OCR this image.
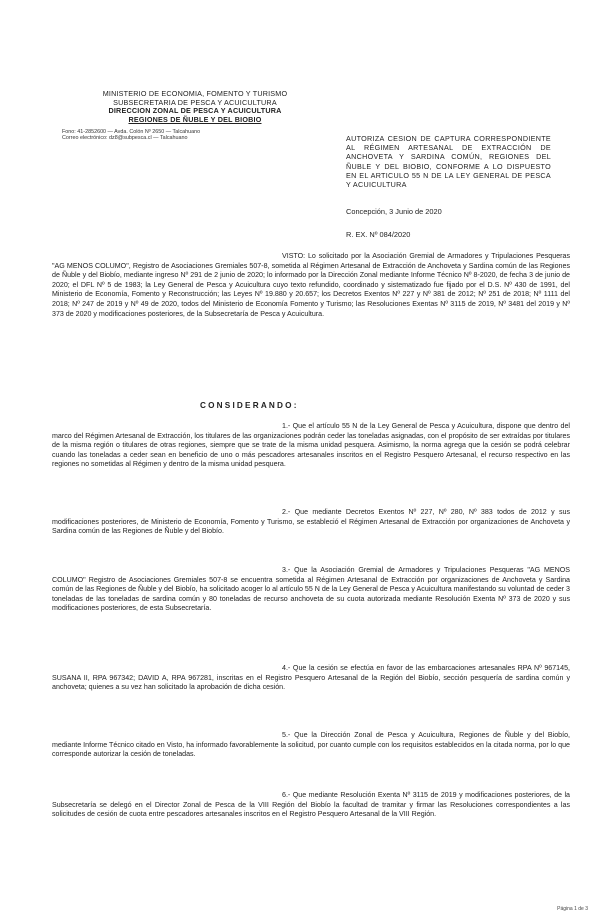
MINISTERIO DE ECONOMIA, FOMENTO Y TURISMO
SUBSECRETARIA DE PESCA Y ACUICULTURA
DIRECCION ZONAL DE PESCA Y ACUICULTURA
REGIONES DE ÑUBLE Y DEL BIOBIO
Fono: 41-2852600 — Avda. Colón Nº 2650 — Talcahuano
Correo electrónico: dz8@subpesca.cl — Talcahuano	AUTORIZA CESION DE CAPTURA CORRESPONDIENTE AL RÉGIMEN ARTESANAL DE EXTRACCIÓN DE ANCHOVETA Y SARDINA COMÚN, REGIONES DEL ÑUBLE Y DEL BIOBIO, CONFORME A LO DISPUESTO EN EL ARTICULO 55 N DE LA LEY GENERAL DE PESCA Y ACUICULTURA
Concepción, 3 Junio de 2020
R. EX. Nº 084/2020
VISTO: Lo solicitado por la Asociación Gremial de Armadores y Tripulaciones Pesqueras "AG MENOS COLUMO", Registro de Asociaciones Gremiales 507-8, sometida al Régimen Artesanal de Extracción de Anchoveta y Sardina común de las Regiones de Ñuble y del Biobío, mediante ingreso Nº 291 de 2 junio de 2020; lo informado por la Dirección Zonal mediante Informe Técnico Nº 8-2020, de fecha 3 de junio de 2020; el DFL Nº 5 de 1983; la Ley General de Pesca y Acuicultura cuyo texto refundido, coordinado y sistematizado fue fijado por el D.S. Nº 430 de 1991, del Ministerio de Economía, Fomento y Reconstrucción; las Leyes Nº 19.880 y 20.657; los Decretos Exentos Nº 227 y Nº 381 de 2012; Nº 251 de 2018; Nº 1111 del 2018; Nº 247 de 2019 y Nº 49 de 2020, todos del Ministerio de Economía Fomento y Turismo; las Resoluciones Exentas Nº 3115 de 2019, Nº 3481 del 2019 y Nº 373 de 2020 y modificaciones posteriores, de la Subsecretaría de Pesca y Acuicultura.
CONSIDERANDO:
1.- Que el artículo 55 N de la Ley General de Pesca y Acuicultura, dispone que dentro del marco del Régimen Artesanal de Extracción, los titulares de las organizaciones podrán ceder las toneladas asignadas, con el propósito de ser extraídas por titulares de la misma región o titulares de otras regiones, siempre que se trate de la misma unidad pesquera. Asimismo, la norma agrega que la cesión se podrá celebrar cuando las toneladas a ceder sean en beneficio de uno o más pescadores artesanales inscritos en el Registro Pesquero Artesanal, el recurso respectivo en las regiones no sometidas al Régimen y dentro de la misma unidad pesquera.
2.- Que mediante Decretos Exentos Nº 227, Nº 280, Nº 383 todos de 2012 y sus modificaciones posteriores, de Ministerio de Economía, Fomento y Turismo, se estableció el Régimen Artesanal de Extracción por organizaciones de Anchoveta y Sardina común de las Regiones de Ñuble y del Biobío.
3.- Que la Asociación Gremial de Armadores y Tripulaciones Pesqueras "AG MENOS COLUMO" Registro de Asociaciones Gremiales 507-8 se encuentra sometida al Régimen Artesanal de Extracción por organizaciones de Anchoveta y Sardina común de las Regiones de Ñuble y del Biobío, ha solicitado acoger lo al artículo 55 N de la Ley General de Pesca y Acuicultura manifestando su voluntad de ceder 3 toneladas de las toneladas de sardina común y 80 toneladas de recurso anchoveta de su cuota autorizada mediante Resolución Exenta Nº 373 de 2020 y sus modificaciones posteriores, de esta Subsecretaría.
4.- Que la cesión se efectúa en favor de las embarcaciones artesanales RPA Nº 967145, SUSANA II, RPA 967342; DAVID A, RPA 967281, inscritas en el Registro Pesquero Artesanal de la Región del Biobío, sección pesquería de sardina común y anchoveta; quienes a su vez han solicitado la aprobación de dicha cesión.
5.- Que la Dirección Zonal de Pesca y Acuicultura, Regiones de Ñuble y del Biobío, mediante Informe Técnico citado en Visto, ha informado favorablemente la solicitud, por cuanto cumple con los requisitos establecidos en la citada norma, por lo que corresponde autorizar la cesión de toneladas.
6.- Que mediante Resolución Exenta Nº 3115 de 2019 y modificaciones posteriores, de la Subsecretaría se delegó en el Director Zonal de Pesca de la VIII Región del Biobío la facultad de tramitar y firmar las Resoluciones correspondientes a las solicitudes de cesión de cuota entre pescadores artesanales inscritos en el Registro Pesquero Artesanal de la VIII Región.
Página 1 de 3
